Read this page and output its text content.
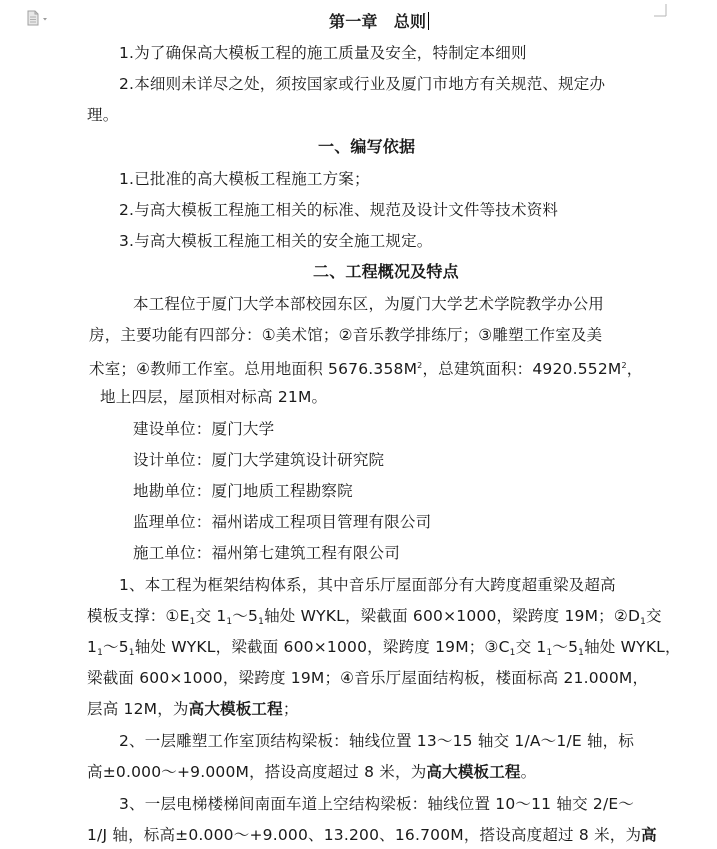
第一章　总则
1.为了确保高大模板工程的施工质量及安全，特制定本细则
2.本细则未详尽之处，须按国家或行业及厦门市地方有关规范、规定办
理。
一、编写依据
1.已批准的高大模板工程施工方案；
2.与高大模板工程施工相关的标准、规范及设计文件等技术资料
3.与高大模板工程施工相关的安全施工规定。
二、工程概况及特点
本工程位于厦门大学本部校园东区，为厦门大学艺术学院教学办公用
房，主要功能有四部分：①美术馆；②音乐教学排练厅；③雕塑工作室及美
术室；④教师工作室。总用地面积 $5676.358M^2$，总建筑面积：$4920.552M^2$，
地上四层，屋顶相对标高 21M。
建设单位：厦门大学
设计单位：厦门大学建筑设计研究院
地勘单位：厦门地质工程勘察院
监理单位：福州诺成工程项目管理有限公司
施工单位：福州第七建筑工程有限公司
1、本工程为框架结构体系，其中音乐厅屋面部分有大跨度超重梁及超高
模板支撑：$①E_1$交 $1_1\sim 5_1$轴处 WYKL，梁截面 600×1000，梁跨度 19M；$②D_1$交
$1_1\sim 5_1$轴处 WYKL，梁截面 600×1000，梁跨度 19M；$③C_1$交 $1_1\sim 5_1$轴处 WYKL，
梁截面 600×1000，梁跨度 19M；④音乐厅屋面结构板，楼面标高 21.000M，
层高 12M，为高大模板工程；
2、一层雕塑工作室顶结构梁板：轴线位置 13～15 轴交 1/A～1/E 轴，标
高±0.000～+9.000M，搭设高度超过 8 米，为高大模板工程。
3、一层电梯楼梯间南面车道上空结构梁板：轴线位置 10～11 轴交 2/E～
1/J 轴，标高±0.000～+9.000、13.200、16.700M，搭设高度超过 8 米，为高
